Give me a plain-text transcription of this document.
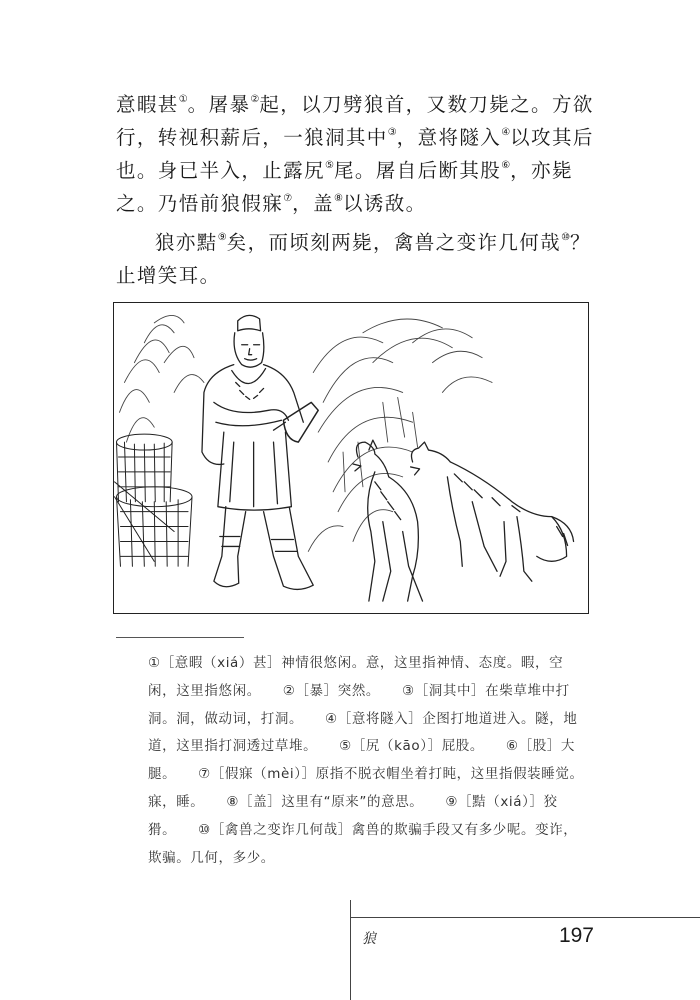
意暇甚①。屠暴②起，以刀劈狼首，又数刀毙之。方欲行，转视积薪后，一狼洞其中③，意将隧入④以攻其后也。身已半入，止露尻⑤尾。屠自后断其股⑥，亦毙之。乃悟前狼假寐⑦，盖⑧以诱敌。

狼亦黠⑨矣，而顷刻两毙，禽兽之变诈几何哉⑩？止增笑耳。

①［意暇（xiá）甚］神情很悠闲。意，这里指神情、态度。暇，空闲，这里指悠闲。 ②［暴］突然。 ③［洞其中］在柴草堆中打洞。洞，做动词，打洞。 ④［意将隧入］企图打地道进入。隧，地道，这里指打洞透过草堆。 ⑤［尻（kāo）］屁股。 ⑥［股］大腿。 ⑦［假寐（mèi）］原指不脱衣帽坐着打盹，这里指假装睡觉。寐，睡。 ⑧［盖］这里有“原来”的意思。 ⑨［黠（xiá）］狡猾。 ⑩［禽兽之变诈几何哉］禽兽的欺骗手段又有多少呢。变诈，欺骗。几何，多少。

狼	197
